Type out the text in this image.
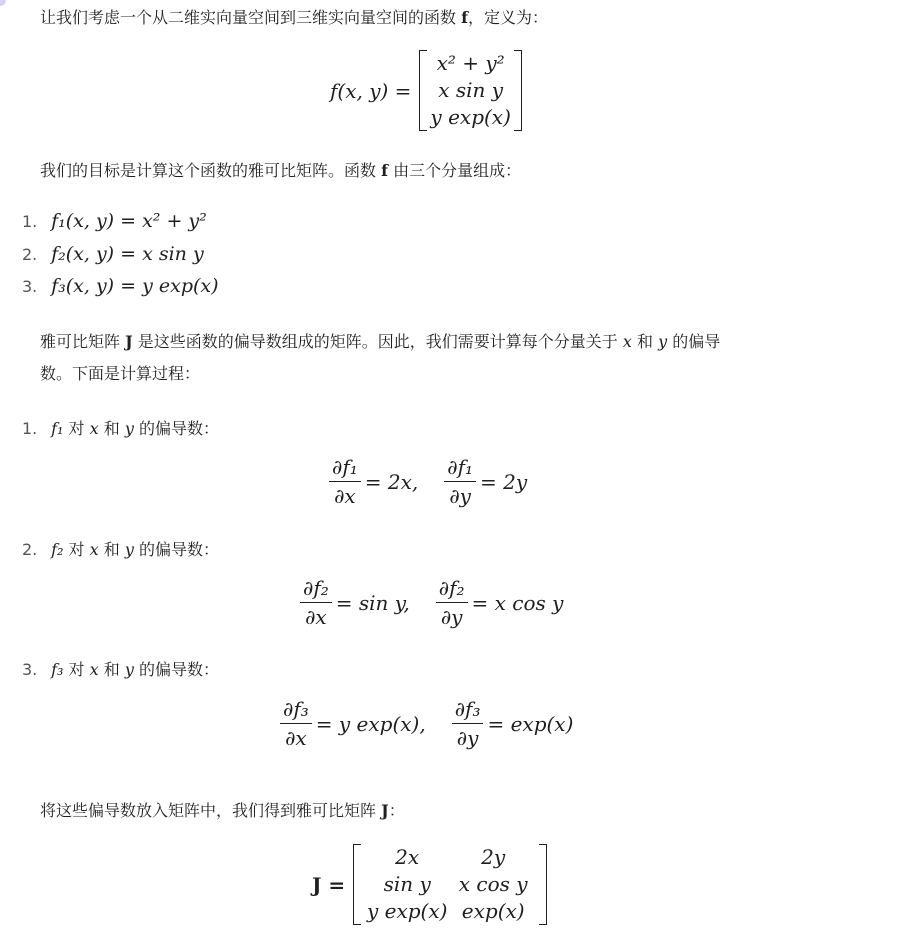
让我们考虑一个从二维实向量空间到三维实向量空间的函数 f，定义为：
f(x, y) =
x² + y²
x sin y
y exp(x)
我们的目标是计算这个函数的雅可比矩阵。函数 f 由三个分量组成：
1. f₁(x, y) = x² + y²
2. f₂(x, y) = x sin y
3. f₃(x, y) = y exp(x)
雅可比矩阵 J 是这些函数的偏导数组成的矩阵。因此，我们需要计算每个分量关于 x 和 y 的偏导
数。下面是计算过程：
1. f₁ 对 x 和 y 的偏导数：
$\frac{\text{∂f₁}}{\partial x} = 2x$, $\frac{\text{∂f₁}}{\partial y} = 2y$
2. f₂ 对 x 和 y 的偏导数：
$\frac{\text{∂f₂}}{\partial x} = \sin y$, $\frac{\text{∂f₂}}{\partial y} = x$ cos y
3. f₃ 对 x 和 y 的偏导数：
$\frac{\text{∂f₃}}{\partial x} = y$ exp(x), $\frac{\text{∂f₃}}{\partial y} = \exp(x)$
将这些偏导数放入矩阵中，我们得到雅可比矩阵 J：
J =
2x	2y
sin y	x cos y
y exp(x) exp(x)
